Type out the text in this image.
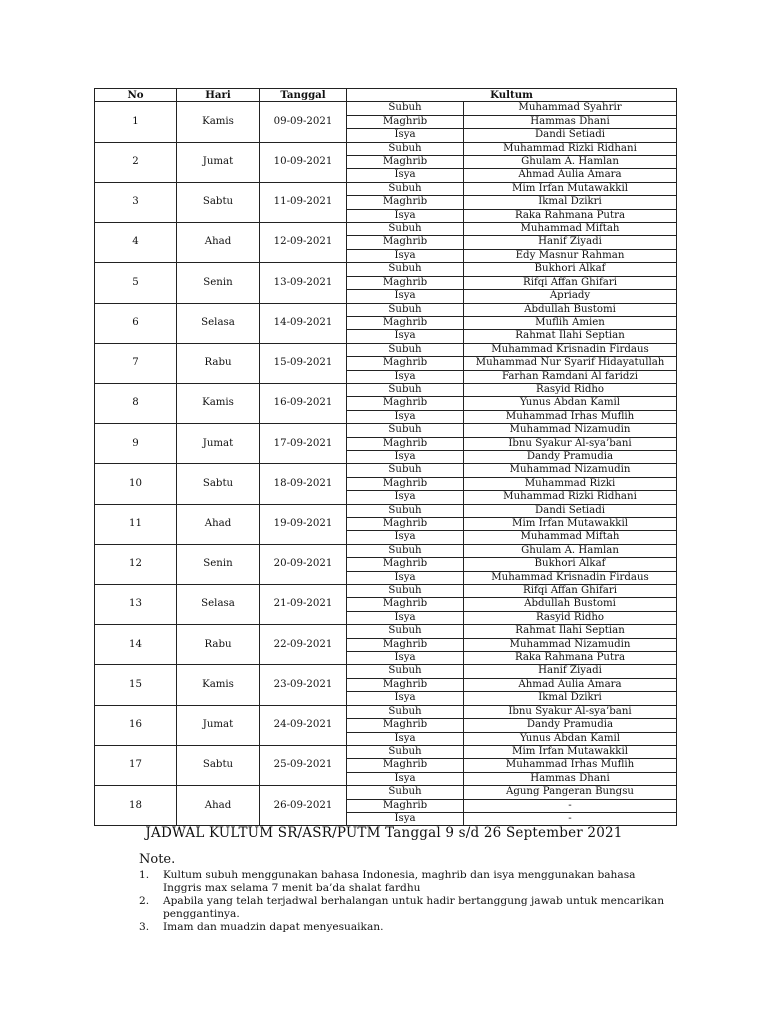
No	Hari	Tanggal	Kultum	
1	Kamis	09-09-2021	Subuh	Muhammad Syahrir
			Maghrib	Hammas Dhani
			Isya	Dandi Setiadi
2	Jumat	10-09-2021	Subuh	Muhammad Rizki Ridhani
			Maghrib	Ghulam A. Hamlan
			Isya	Ahmad Aulia Amara
3	Sabtu	11-09-2021	Subuh	Mim Irfan Mutawakkil
			Maghrib	Ikmal Dzikri
			Isya	Raka Rahmana Putra
4	Ahad	12-09-2021	Subuh	Muhammad Miftah
			Maghrib	Hanif Ziyadi
			Isya	Edy Masnur Rahman
5	Senin	13-09-2021	Subuh	Bukhori Alkaf
			Maghrib	Rifqi Affan Ghifari
			Isya	Apriady
6	Selasa	14-09-2021	Subuh	Abdullah Bustomi
			Maghrib	Muflih Amien
			Isya	Rahmat Ilahi Septian
7	Rabu	15-09-2021	Subuh	Muhammad Krisnadin Firdaus
			Maghrib	Muhammad Nur Syarif Hidayatullah
			Isya	Farhan Ramdani Al faridzi
8	Kamis	16-09-2021	Subuh	Rasyid Ridho
			Maghrib	Yunus Abdan Kamil
			Isya	Muhammad Irhas Muflih
9	Jumat	17-09-2021	Subuh	Muhammad Nizamudin
			Maghrib	Ibnu Syakur Al-sya’bani
			Isya	Dandy Pramudia
10	Sabtu	18-09-2021	Subuh	Muhammad Nizamudin
			Maghrib	Muhammad Rizki
			Isya	Muhammad Rizki Ridhani
11	Ahad	19-09-2021	Subuh	Dandi Setiadi
			Maghrib	Mim Irfan Mutawakkil
			Isya	Muhammad Miftah
12	Senin	20-09-2021	Subuh	Ghulam A. Hamlan
			Maghrib	Bukhori Alkaf
			Isya	Muhammad Krisnadin Firdaus
13	Selasa	21-09-2021	Subuh	Rifqi Affan Ghifari
			Maghrib	Abdullah Bustomi
			Isya	Rasyid Ridho
14	Rabu	22-09-2021	Subuh	Rahmat Ilahi Septian
			Maghrib	Muhammad Nizamudin
			Isya	Raka Rahmana Putra
15	Kamis	23-09-2021	Subuh	Hanif Ziyadi
			Maghrib	Ahmad Aulia Amara
			Isya	Ikmal Dzikri
16	Jumat	24-09-2021	Subuh	Ibnu Syakur Al-sya’bani
			Maghrib	Dandy Pramudia
			Isya	Yunus Abdan Kamil
17	Sabtu	25-09-2021	Subuh	Mim Irfan Mutawakkil
			Maghrib	Muhammad Irhas Muflih
			Isya	Hammas Dhani
18	Ahad	26-09-2021	Subuh	Agung Pangeran Bungsu
			Maghrib	-
			Isya	-
JADWAL KULTUM SR/ASR/PUTM Tanggal 9 s/d 26 September 2021
Note.
1. Kultum subuh menggunakan bahasa Indonesia, maghrib dan isya menggunakan bahasa Inggris max selama 7 menit ba’da shalat fardhu
2. Apabila yang telah terjadwal berhalangan untuk hadir bertanggung jawab untuk mencarikan penggantinya.
3. Imam dan muadzin dapat menyesuaikan.
